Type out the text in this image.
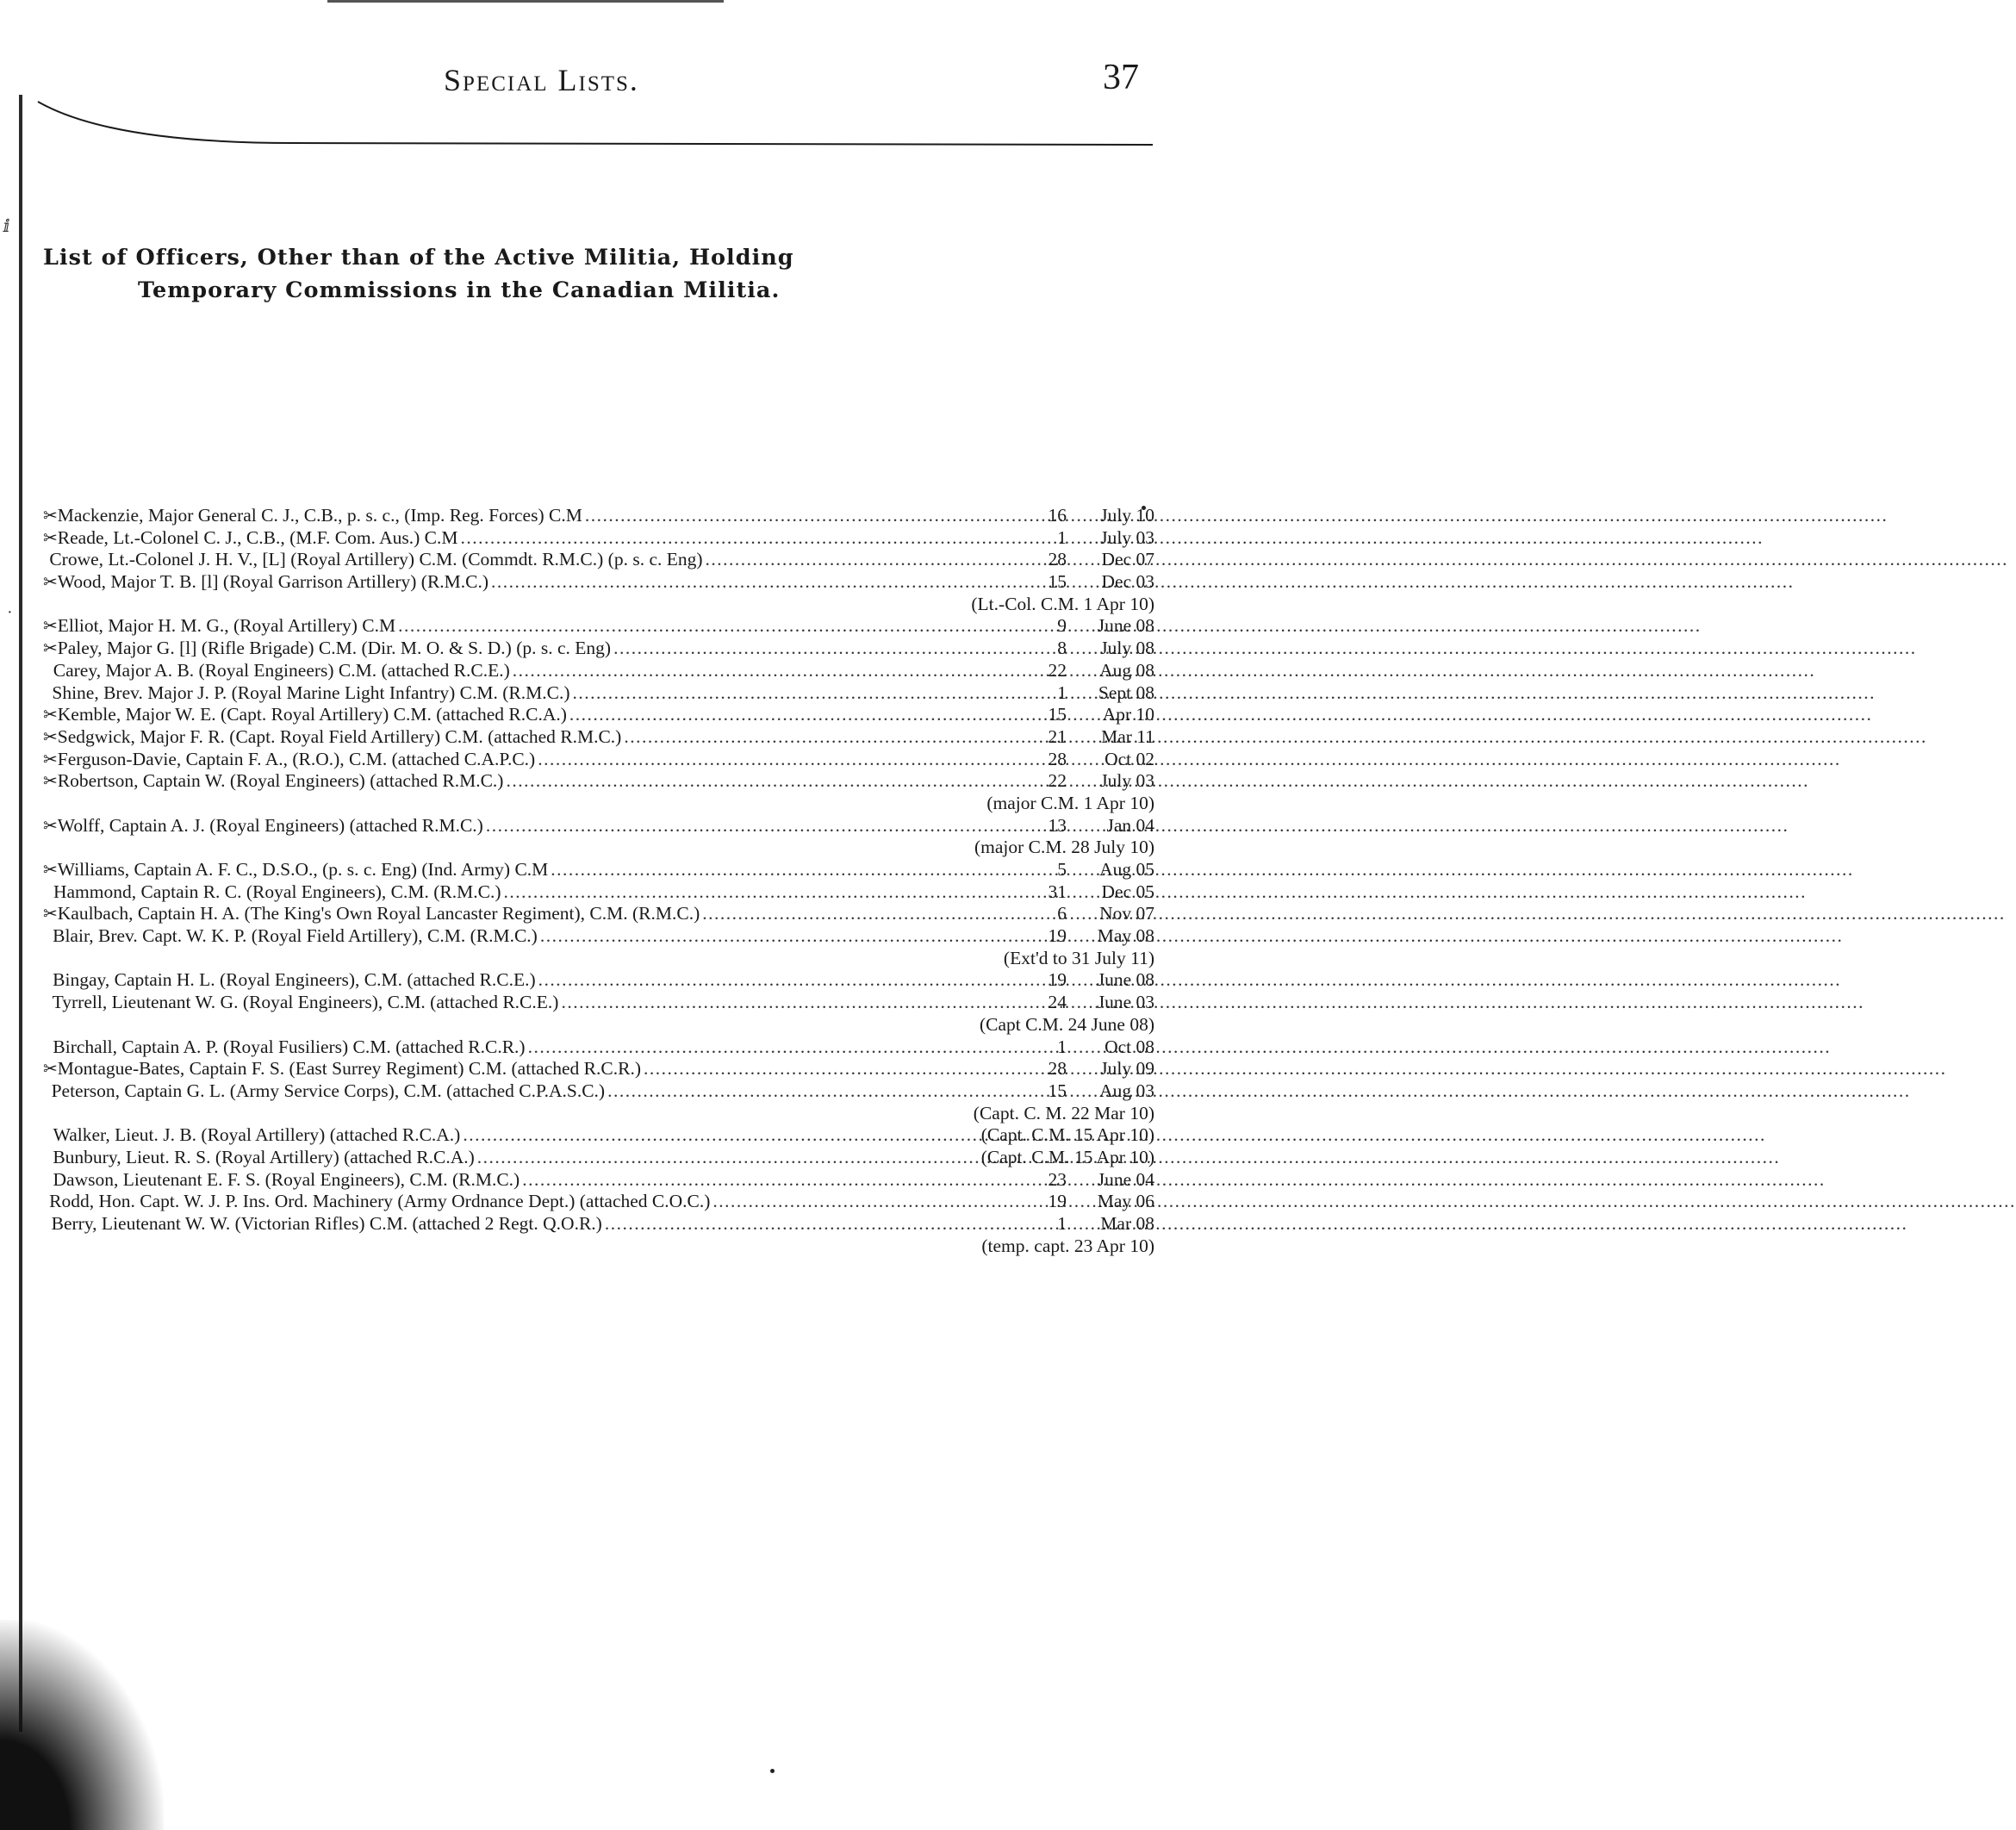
ⅈ
·
Special Lists.	37
List of Officers, Other than of the Active Militia, Holding
Temporary Commissions in the Canadian Militia.
✂ Mackenzie, Major General C. J., C.B., p. s. c., (Imp. Reg. Forces) C.M .....	16	July 10
✂ Reade, Lt.-Colonel C. J., C.B., (M.F. Com. Aus.) C.M .....	1	July 03
Crowe, Lt.-Colonel J. H. V., [L] (Royal Artillery) C.M. (Commdt. R.M.C.) (p. s. c. Eng) .....	28	Dec 07
✂ Wood, Major T. B. [l] (Royal Garrison Artillery) (R.M.C.) .....	15	Dec 03
(Lt.-Col. C.M. 1 Apr 10)
✂ Elliot, Major H. M. G., (Royal Artillery) C.M .....	9	June 08
✂ Paley, Major G. [l] (Rifle Brigade) C.M. (Dir. M. O. & S. D.) (p. s. c. Eng) .....	8	July 08
Carey, Major A. B. (Royal Engineers) C.M. (attached R.C.E.) .....	22	Aug 08
Shine, Brev. Major J. P. (Royal Marine Light Infantry) C.M. (R.M.C.) .....	1	Sept 08
✂ Kemble, Major W. E. (Capt. Royal Artillery) C.M. (attached R.C.A.) .....	15	Apr 10
✂ Sedgwick, Major F. R. (Capt. Royal Field Artillery) C.M. (attached R.M.C.) .....	21	Mar 11
✂ Ferguson-Davie, Captain F. A., (R.O.), C.M. (attached C.A.P.C.) .....	28	Oct 02
✂ Robertson, Captain W. (Royal Engineers) (attached R.M.C.) .....	22	July 03
(major C.M. 1 Apr 10)
✂ Wolff, Captain A. J. (Royal Engineers) (attached R.M.C.) .....	13	Jan 04
(major C.M. 28 July 10)
✂ Williams, Captain A. F. C., D.S.O., (p. s. c. Eng) (Ind. Army) C.M .....	5	Aug 05
Hammond, Captain R. C. (Royal Engineers), C.M. (R.M.C.) .....	31	Dec 05
✂ Kaulbach, Captain H. A. (The King's Own Royal Lancaster Regiment), C.M. (R.M.C.) .....	6	Nov 07
Blair, Brev. Capt. W. K. P. (Royal Field Artillery), C.M. (R.M.C.) .....	19	May 08
(Ext'd to 31 July 11)
Bingay, Captain H. L. (Royal Engineers), C.M. (attached R.C.E.) .....	19	June 08
Tyrrell, Lieutenant W. G. (Royal Engineers), C.M. (attached R.C.E.) .....	24	June 03
(Capt C.M. 24 June 08)
Birchall, Captain A. P. (Royal Fusiliers) C.M. (attached R.C.R.) .....	1	Oct 08
✂ Montague-Bates, Captain F. S. (East Surrey Regiment) C.M. (attached R.C.R.) .....	28	July 09
Peterson, Captain G. L. (Army Service Corps), C.M. (attached C.P.A.S.C.) .....	15	Aug 03
(Capt. C. M. 22 Mar 10)
Walker, Lieut. J. B. (Royal Artillery) (attached R.C.A.) .....	(Capt. C.M. 15 Apr 10)
Bunbury, Lieut. R. S. (Royal Artillery) (attached R.C.A.) .....	(Capt. C.M. 15 Apr 10)
Dawson, Lieutenant E. F. S. (Royal Engineers), C.M. (R.M.C.) .....	23	June 04
Rodd, Hon. Capt. W. J. P. Ins. Ord. Machinery (Army Ordnance Dept.) (attached C.O.C.) .....	19	May 06
Berry, Lieutenant W. W. (Victorian Rifles) C.M. (attached 2 Regt. Q.O.R.) .....	1	Mar 08
(temp. capt. 23 Apr 10)
